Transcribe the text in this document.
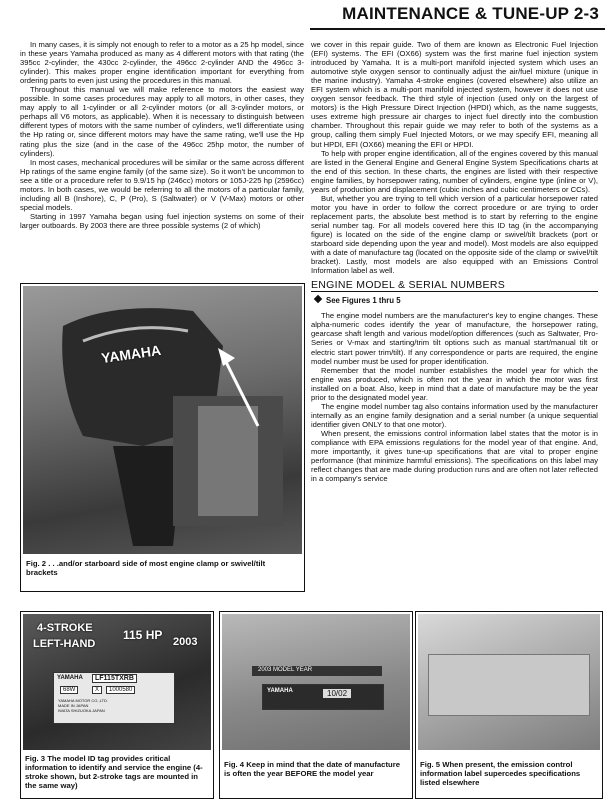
MAINTENANCE & TUNE-UP 2-3

In many cases, it is simply not enough to refer to a motor as a 25 hp model, since in these years Yamaha produced as many as 4 different motors with that rating (the 395cc 2-cylinder, the 430cc 2-cylinder, the 496cc 2-cylinder AND the 496cc 3-cylinder). This makes proper engine identification important for everything from ordering parts to even just using the procedures in this manual.

Throughout this manual we will make reference to motors the easiest way possible. In some cases procedures may apply to all motors, in other cases, they may apply to all 1-cylinder or all 2-cylinder motors (or all 3-cylinder motors, or perhaps all V6 motors, as applicable). When it is necessary to distinguish between different types of motors with the same number of cylinders, we'll differentiate using the Hp rating or, since different motors may have the same rating, we'll use the Hp rating plus the size (and in the case of the 496cc 25hp motor, the number of cylinders).

In most cases, mechanical procedures will be similar or the same across different Hp ratings of the same engine family (of the same size). So it won't be uncommon to see a title or a procedure refer to 9.9/15 hp (246cc) motors or 105J-225 hp (2596cc) motors. In both cases, we would be referring to all the motors of a particular family, including all B (Inshore), C, P (Pro), S (Saltwater) or V (V-Max) motors or other special models.

Starting in 1997 Yamaha began using fuel injection systems on some of their larger outboards. By 2003 there are three possible systems (2 of which)

we cover in this repair guide. Two of them are known as Electronic Fuel Injection (EFI) systems. The EFI (OX66) system was the first marine fuel injection system introduced by Yamaha. It is a multi-port manifold injected system which uses an automotive style oxygen sensor to continually adjust the air/fuel mixture (unique in the marine industry). Yamaha 4-stroke engines (covered elsewhere) also utilize an EFI system which is a multi-port manifold injected system, however it does not use oxygen sensor feedback. The third style of injection (used only on the largest of motors) is the High Pressure Direct Injection (HPDI) which, as the name suggests, uses extreme high pressure air charges to inject fuel directly into the combustion chamber. Throughout this repair guide we may refer to both of the systems as a group, calling them simply Fuel Injected Motors, or we may specify EFI, meaning all but HPDI, EFI (OX66) meaning the EFI or HPDI.

To help with proper engine identification, all of the engines covered by this manual are listed in the General Engine and General Engine System Specifications charts at the end of this section. In these charts, the engines are listed with their respective engine families, by horsepower rating, number of cylinders, engine type (inline or V), years of production and displacement (cubic inches and cubic centimeters or CCs).

But, whether you are trying to tell which version of a particular horsepower rated motor you have in order to follow the correct procedure or are trying to order replacement parts, the absolute best method is to start by referring to the engine serial number tag. For all models covered here this ID tag (in the accompanying figure) is located on the side of the engine clamp or swivel/tilt brackets (port or starboard side depending upon the year and model). Most models are also equipped with a date of manufacture tag (located on the opposite side of the clamp or swivel/tilt bracket). Lastly, most models are also equipped with an Emissions Control Information label as well.

ENGINE MODEL & SERIAL NUMBERS
See Figures 1 thru 5

The engine model numbers are the manufacturer's key to engine changes. These alpha-numeric codes identify the year of manufacture, the horsepower rating, gearcase shaft length and various model/option differences (such as Saltwater, Pro-Series or V-max and starting/trim tilt options such as manual start/manual tilt or electric start power trim/tilt). If any correspondence or parts are required, the engine model number must be used for proper identification.

Remember that the model number establishes the model year for which the engine was produced, which is often not the year in which the motor was first installed on a boat. Also, keep in mind that a date of manufacture may be the year prior to the designated model year.

The engine model number tag also contains information used by the manufacturer internally as an engine family designation and a serial number (a unique sequential identifier given ONLY to that one motor).

When present, the emissions control information label states that the motor is in compliance with EPA emissions regulations for the model year of that engine. And, more importantly, it gives tune-up specifications that are vital to proper engine performance (that minimize harmful emissions). The specifications on this label may reflect changes that are made during production runs and are often not later reflected in a company's service

YAMAHA
Fig. 2 . . .and/or starboard side of most engine clamp or swivel/tilt brackets
4-STROKE	115 HP 2003
LEFT-HAND
YAMAHA	LF115TXRB
68W	X	1000580
YAMAHA MOTOR CO.,LTD.
MADE IN JAPAN
IWATA SHIZUOKA JAPAN
Fig. 3 The model ID tag provides critical information to identify and service the engine (4-stroke shown, but 2-stroke tags are mounted in the same way)
2003 MODEL YEAR
YAMAHA	10/02
Fig. 4 Keep in mind that the date of manufacture is often the year BEFORE the model year
Fig. 5 When present, the emission control information label supercedes specifications listed elsewhere
